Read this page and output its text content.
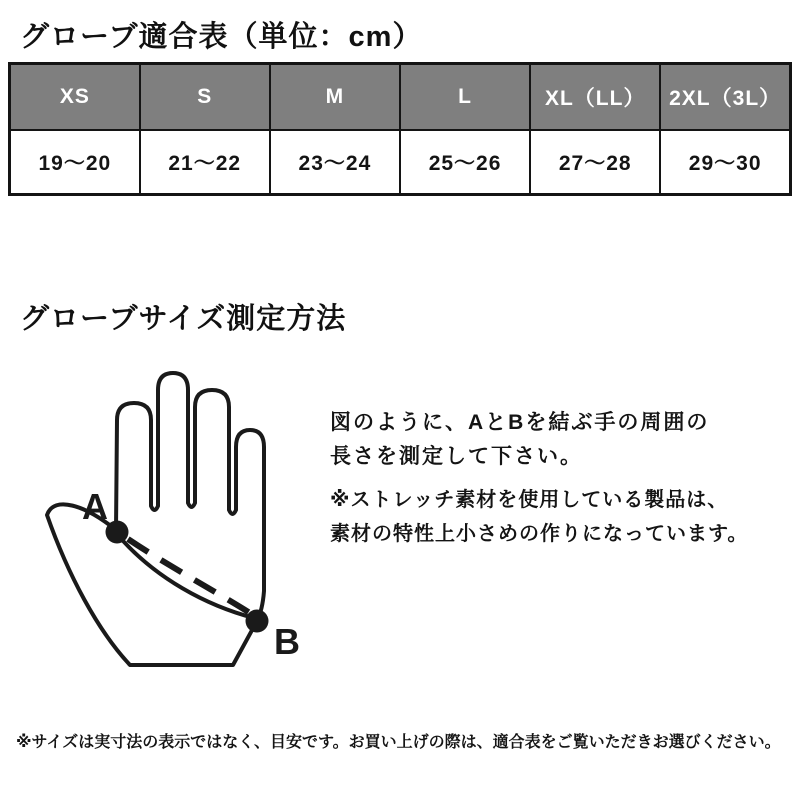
グローブ適合表（単位：cm）
XS	S	M	L	XL（LL）	2XL（3L）
19～20	21～22	23～24	25～26	27～28	29～30
グローブサイズ測定方法
A
B
図のように、AとBを結ぶ手の周囲の
長さを測定して下さい。
※ストレッチ素材を使用している製品は、
素材の特性上小さめの作りになっています。
※サイズは実寸法の表示ではなく、目安です。お買い上げの際は、適合表をご覧いただきお選びください。
